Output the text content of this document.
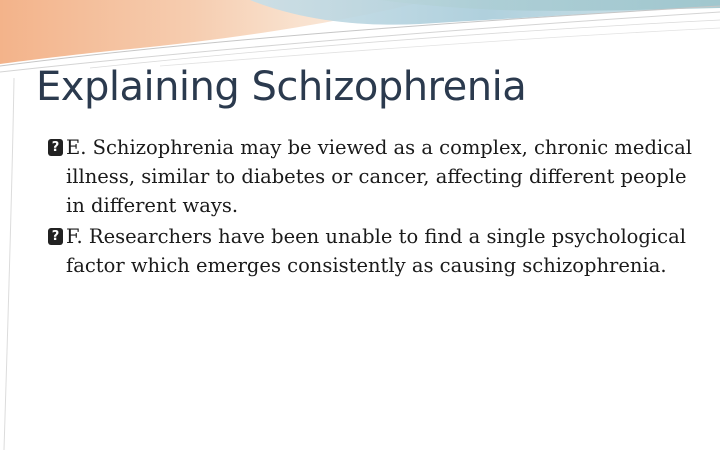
Explaining Schizophrenia
? E. Schizophrenia may be viewed as a complex, chronic medical illness, similar to diabetes or cancer, affecting different people in different ways.
? F. Researchers have been unable to find a single psychological factor which emerges consistently as causing schizophrenia.
